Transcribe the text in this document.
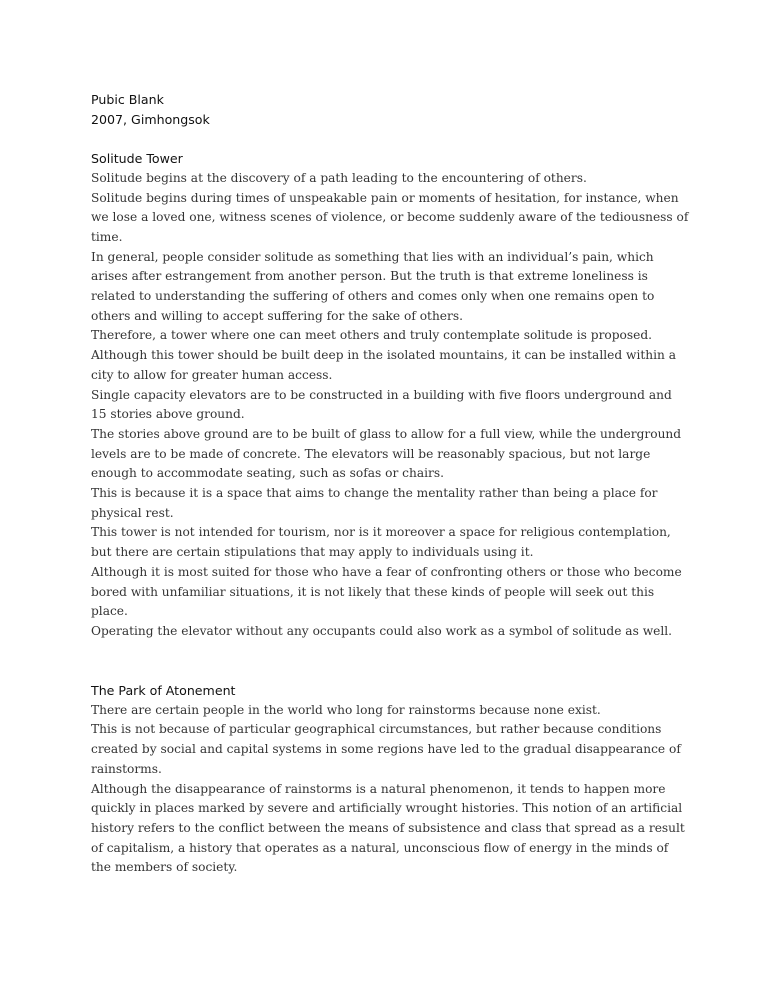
Pubic Blank

2007, Gimhongsok

Solitude Tower

Solitude begins at the discovery of a path leading to the encountering of others.

Solitude begins during times of unspeakable pain or moments of hesitation, for instance, when we lose a loved one, witness scenes of violence, or become suddenly aware of the tediousness of time.

In general, people consider solitude as something that lies with an individual’s pain, which arises after estrangement from another person. But the truth is that extreme loneliness is related to understanding the suffering of others and comes only when one remains open to others and willing to accept suffering for the sake of others.

Therefore, a tower where one can meet others and truly contemplate solitude is proposed.

Although this tower should be built deep in the isolated mountains, it can be installed within a city to allow for greater human access.

Single capacity elevators are to be constructed in a building with five floors underground and 15 stories above ground.

The stories above ground are to be built of glass to allow for a full view, while the underground levels are to be made of concrete. The elevators will be reasonably spacious, but not large enough to accommodate seating, such as sofas or chairs.

This is because it is a space that aims to change the mentality rather than being a place for physical rest.

This tower is not intended for tourism, nor is it moreover a space for religious contemplation, but there are certain stipulations that may apply to individuals using it.

Although it is most suited for those who have a fear of confronting others or those who become bored with unfamiliar situations, it is not likely that these kinds of people will seek out this place.

Operating the elevator without any occupants could also work as a symbol of solitude as well.

The Park of Atonement

There are certain people in the world who long for rainstorms because none exist.

This is not because of particular geographical circumstances, but rather because conditions created by social and capital systems in some regions have led to the gradual disappearance of rainstorms.

Although the disappearance of rainstorms is a natural phenomenon, it tends to happen more quickly in places marked by severe and artificially wrought histories. This notion of an artificial history refers to the conflict between the means of subsistence and class that spread as a result of capitalism, a history that operates as a natural, unconscious flow of energy in the minds of the members of society.
